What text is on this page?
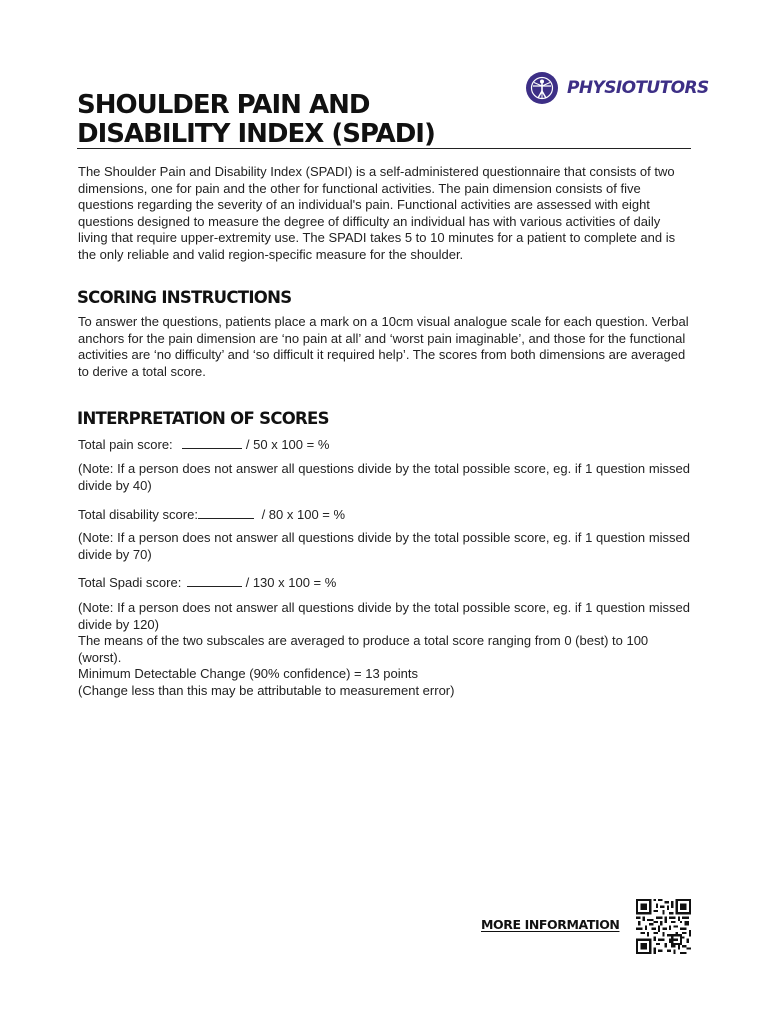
SHOULDER PAIN AND
DISABILITY INDEX (SPADI)
PHYSIOTUTORS

The Shoulder Pain and Disability Index (SPADI) is a self-administered questionnaire that consists of two dimensions, one for pain and the other for functional activities. The pain dimension consists of five questions regarding the severity of an individual's pain. Functional activities are assessed with eight questions designed to measure the degree of difficulty an individual has with various activities of daily living that require upper-extremity use. The SPADI takes 5 to 10 minutes for a patient to complete and is the only reliable and valid region-specific measure for the shoulder.

SCORING INSTRUCTIONS

To answer the questions, patients place a mark on a 10cm visual analogue scale for each question. Verbal anchors for the pain dimension are ‘no pain at all’ and ‘worst pain imaginable’, and those for the functional activities are ‘no difficulty’ and ‘so difficult it required help’. The scores from both dimensions are averaged to derive a total score.

INTERPRETATION OF SCORES

Total pain score:	/ 50 x 100 = %

(Note: If a person does not answer all questions divide by the total possible score, eg. if 1 question missed divide by 40)

Total disability score:	/ 80 x 100 = %

(Note: If a person does not answer all questions divide by the total possible score, eg. if 1 question missed divide by 70)

Total Spadi score:	/ 130 x 100 = %

(Note: If a person does not answer all questions divide by the total possible score, eg. if 1 question missed divide by 120)

The means of the two subscales are averaged to produce a total score ranging from 0 (best) to 100 (worst).

Minimum Detectable Change (90% confidence) = 13 points

(Change less than this may be attributable to measurement error)

MORE INFORMATION
